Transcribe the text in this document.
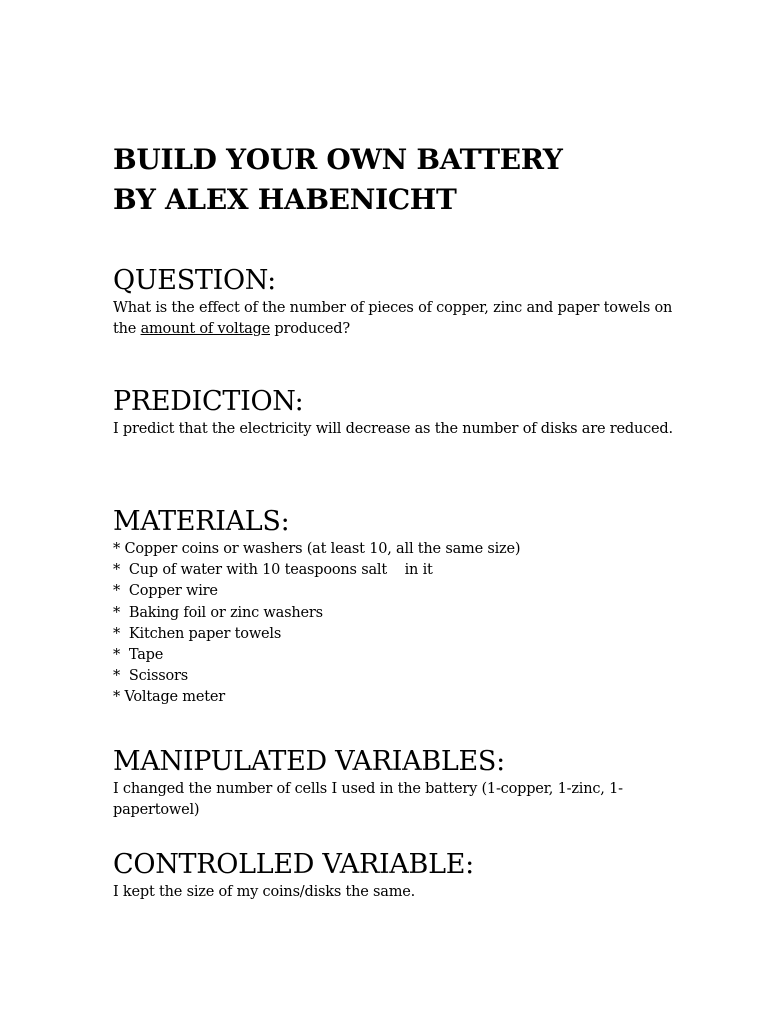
BUILD YOUR OWN BATTERY
BY ALEX HABENICHT
QUESTION:

What is the effect of the number of pieces of copper, zinc and paper towels on the amount of voltage produced?

PREDICTION:

I predict that the electricity will decrease as the number of disks are reduced.

MATERIALS:
* Copper coins or washers (at least 10, all the same size)
*  Cup of water with 10 teaspoons salt    in it
*  Copper wire
*  Baking foil or zinc washers
*  Kitchen paper towels
*  Tape
*  Scissors
* Voltage meter
MANIPULATED VARIABLES:

I changed the number of cells I used in the battery (1-copper, 1-zinc, 1-papertowel)

CONTROLLED VARIABLE:

I kept the size of my coins/disks the same.
